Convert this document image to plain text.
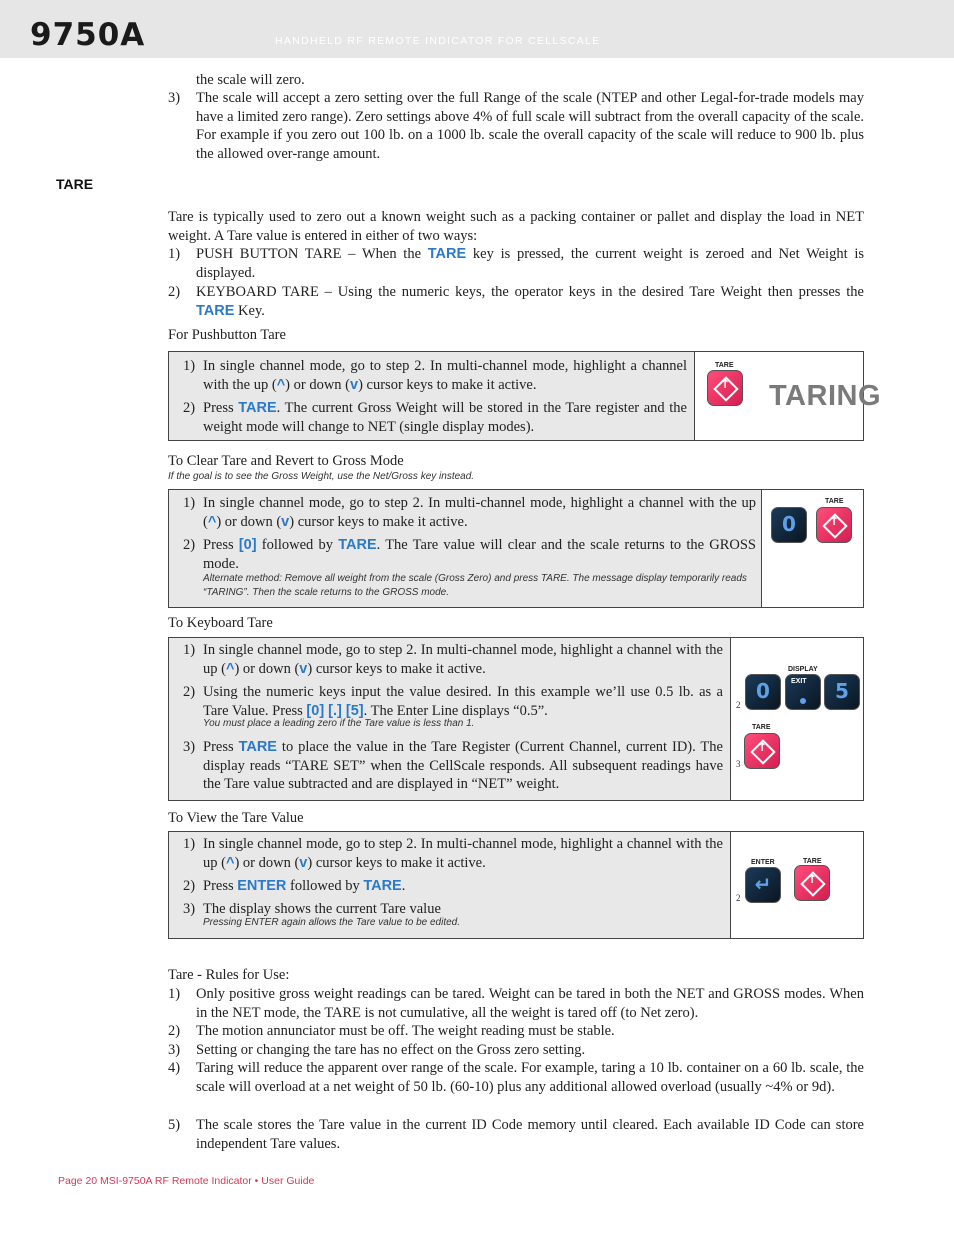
9750A	HANDHELD RF REMOTE INDICATOR FOR CELLSCALE
the scale will zero.
3) The scale will accept a zero setting over the full Range of the scale (NTEP and other Legal-for-trade models may have a limited zero range). Zero settings above 4% of full scale will subtract from the overall capacity of the scale. For example if you zero out 100 lb. on a 1000 lb. scale the overall capacity of the scale will reduce to 900 lb. plus the allowed over-range amount.
TARE
Tare is typically used to zero out a known weight such as a packing container or pallet and display the load in NET weight. A Tare value is entered in either of two ways:
1) PUSH BUTTON TARE – When the TARE key is pressed, the current weight is zeroed and Net Weight is displayed.
2) KEYBOARD TARE – Using the numeric keys, the operator keys in the desired Tare Weight then presses the TARE Key.
For Pushbutton Tare
1) In single channel mode, go to step 2. In multi-channel mode, highlight a channel with the up (^) or down (v) cursor keys to make it active.
2) Press TARE. The current Gross Weight will be stored in the Tare register and the weight mode will change to NET (single display modes).
TARE
↑	TARING
To Clear Tare and Revert to Gross Mode
If the goal is to see the Gross Weight, use the Net/Gross key instead.
1) In single channel mode, go to step 2. In multi-channel mode, highlight a channel with the up (^) or down (v) cursor keys to make it active.
2) Press [0] followed by TARE. The Tare value will clear and the scale returns to the GROSS mode.
Alternate method: Remove all weight from the scale (Gross Zero) and press TARE. The message display temporarily reads “TARING”. Then the scale returns to the GROSS mode.
0
TARE
↑
To Keyboard Tare
1) In single channel mode, go to step 2. In multi-channel mode, highlight a channel with the up (^) or down (v) cursor keys to make it active.
2) Using the numeric keys input the value desired. In this example we’ll use 0.5 lb. as a Tare Value. Press [0] [.] [5]. The Enter Line displays “0.5”.
You must place a leading zero if the Tare value is less than 1.
3) Press TARE to place the value in the Tare Register (Current Channel, current ID). The display reads “TARE SET” when the CellScale responds. All subsequent readings have the Tare value subtracted and are displayed in “NET” weight.
DISPLAY
0	EXIT	5
2
TARE
↑
3
To View the Tare Value
1) In single channel mode, go to step 2. In multi-channel mode, highlight a channel with the up (^) or down (v) cursor keys to make it active.
2) Press ENTER followed by TARE.
3) The display shows the current Tare value
Pressing ENTER again allows the Tare value to be edited.
ENTER
↵
TARE
↑
2
Tare - Rules for Use:
1) Only positive gross weight readings can be tared. Weight can be tared in both the NET and GROSS modes. When in the NET mode, the TARE is not cumulative, all the weight is tared off (to Net zero).
2) The motion annunciator must be off. The weight reading must be stable.
3) Setting or changing the tare has no effect on the Gross zero setting.
4) Taring will reduce the apparent over range of the scale. For example, taring a 10 lb. container on a 60 lb. scale, the scale will overload at a net weight of 50 lb. (60-10) plus any additional allowed overload (usually ~4% or 9d).
5) The scale stores the Tare value in the current ID Code memory until cleared. Each available ID Code can store independent Tare values.
Page 20 MSI-9750A RF Remote Indicator • User Guide
